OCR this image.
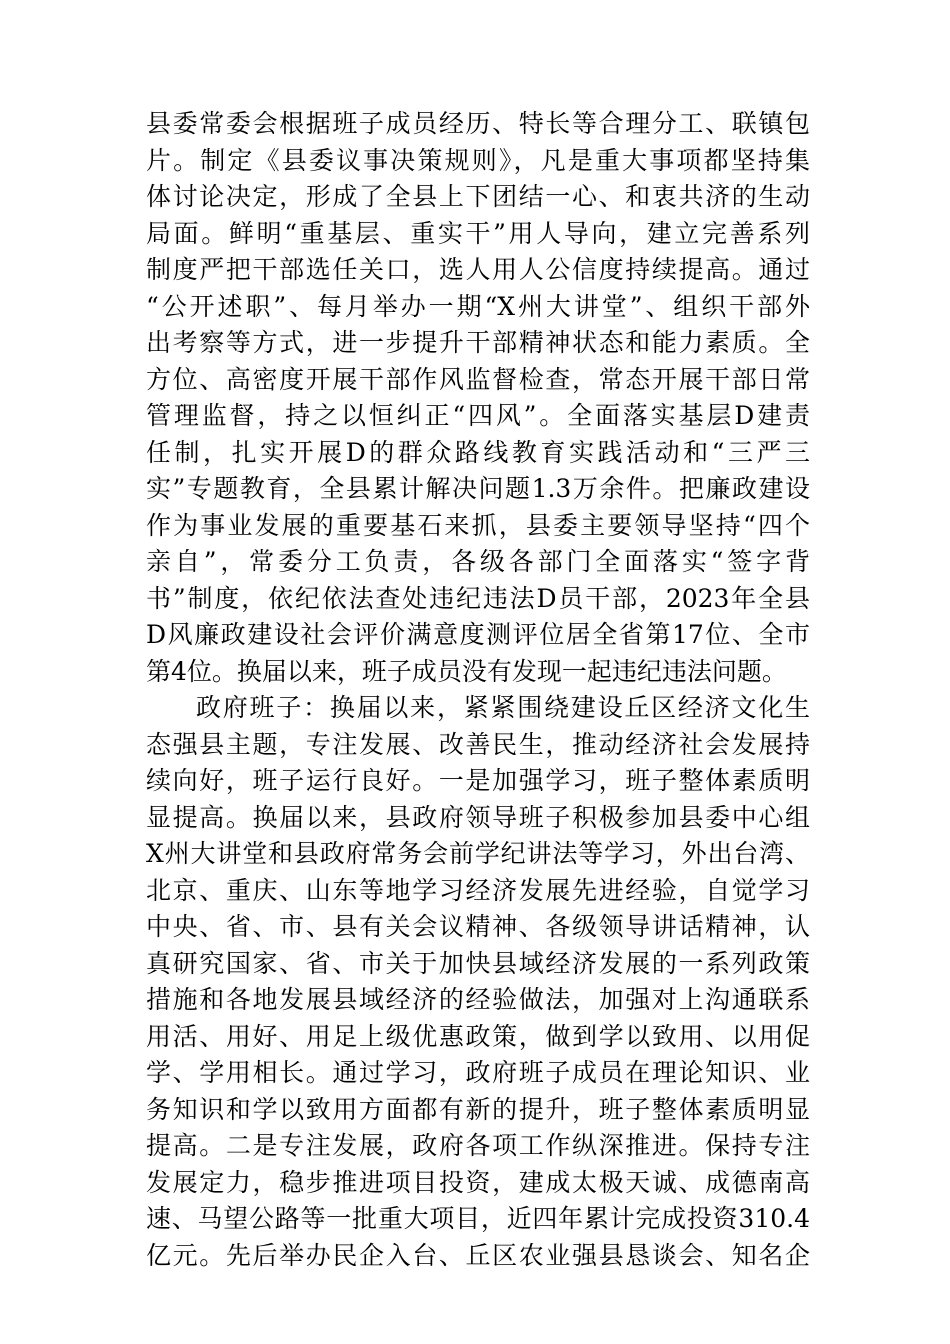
县委常委会根据班子成员经历、特长等合理分工、联镇包
片。制定《县委议事决策规则》，凡是重大事项都坚持集
体讨论决定，形成了全县上下团结一心、和衷共济的生动
局面。鲜明“重基层、重实干”用人导向，建立完善系列
制度严把干部选任关口，选人用人公信度持续提高。通过
“公开述职”、每月举办一期“X州大讲堂”、组织干部外
出考察等方式，进一步提升干部精神状态和能力素质。全
方位、高密度开展干部作风监督检查，常态开展干部日常
管理监督，持之以恒纠正“四风”。全面落实基层D建责
任制，扎实开展D的群众路线教育实践活动和“三严三
实”专题教育，全县累计解决问题1.3万余件。把廉政建设
作为事业发展的重要基石来抓，县委主要领导坚持“四个
亲自”，常委分工负责，各级各部门全面落实“签字背
书”制度，依纪依法查处违纪违法D员干部，2023年全县
D风廉政建设社会评价满意度测评位居全省第17位、全市
第4位。换届以来，班子成员没有发现一起违纪违法问题。
政府班子：换届以来，紧紧围绕建设丘区经济文化生
态强县主题，专注发展、改善民生，推动经济社会发展持
续向好，班子运行良好。一是加强学习，班子整体素质明
显提高。换届以来，县政府领导班子积极参加县委中心组
X州大讲堂和县政府常务会前学纪讲法等学习，外出台湾、
北京、重庆、山东等地学习经济发展先进经验，自觉学习
中央、省、市、县有关会议精神、各级领导讲话精神，认
真研究国家、省、市关于加快县域经济发展的一系列政策
措施和各地发展县域经济的经验做法，加强对上沟通联系
用活、用好、用足上级优惠政策，做到学以致用、以用促
学、学用相长。通过学习，政府班子成员在理论知识、业
务知识和学以致用方面都有新的提升，班子整体素质明显
提高。二是专注发展，政府各项工作纵深推进。保持专注
发展定力，稳步推进项目投资，建成太极天诚、成德南高
速、马望公路等一批重大项目，近四年累计完成投资310.4
亿元。先后举办民企入台、丘区农业强县恳谈会、知名企
